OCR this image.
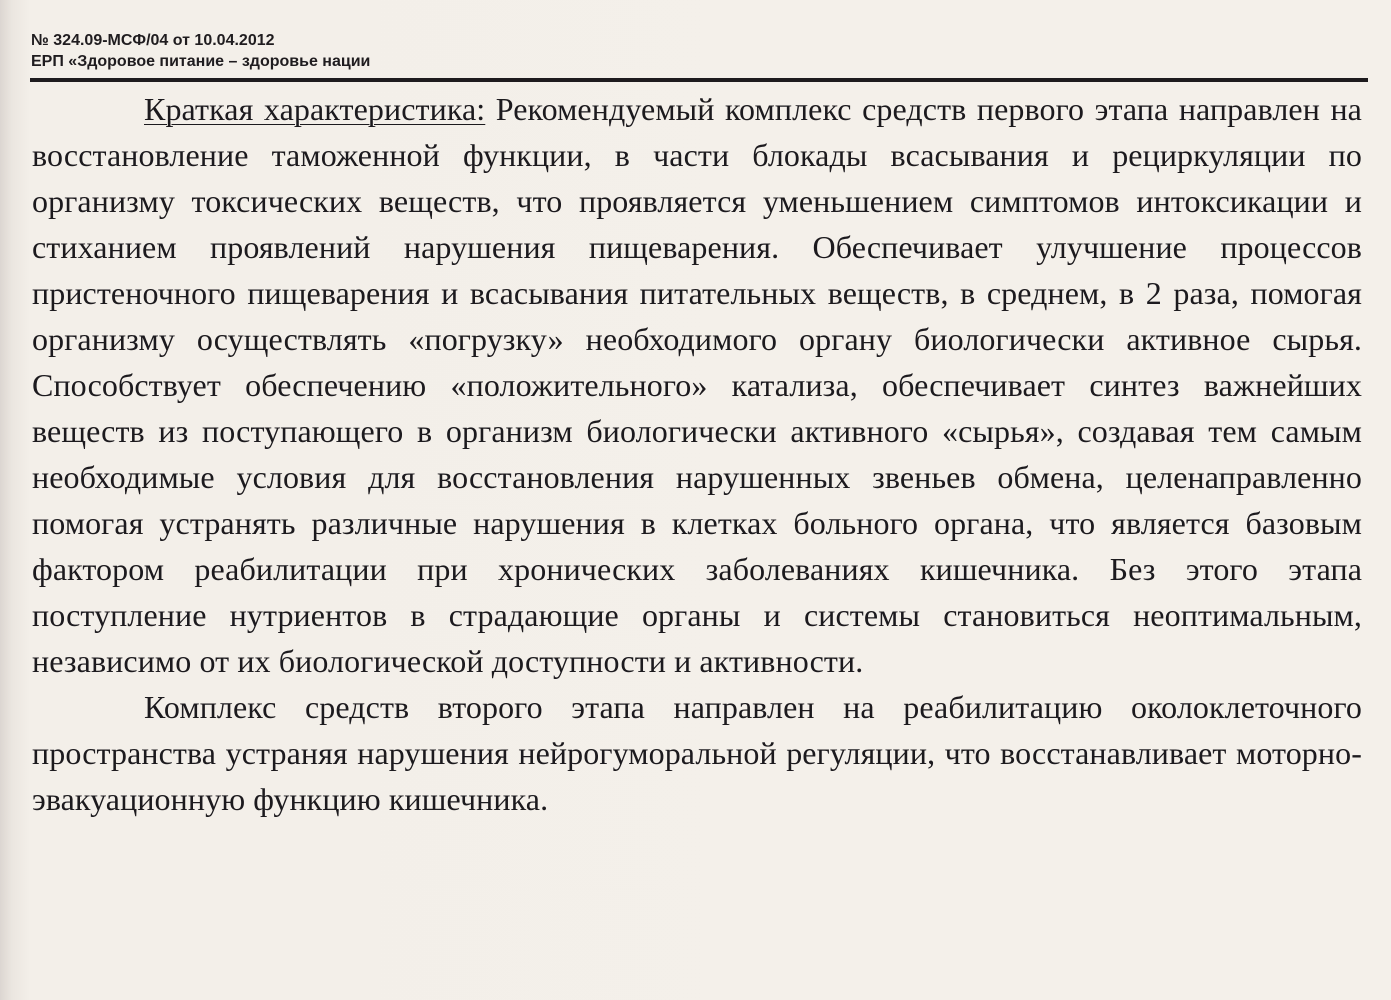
№ 324.09-МСФ/04 от 10.04.2012
ЕРП «Здоровое питание – здоровье нации

Краткая характеристика: Рекомендуемый комплекс средств первого этапа направлен на восстановление таможенной функции, в части блокады всасывания и рециркуляции по организму токсических веществ, что проявляется уменьшением симптомов интоксикации и стиханием проявлений нарушения пищеварения. Обеспечивает улучшение процессов пристеночного пищеварения и всасывания питательных веществ, в среднем, в 2 раза, помогая организму осуществлять «погрузку» необходимого органу биологически активное сырья. Способствует обеспечению «положительного» катализа, обеспечивает синтез важнейших веществ из поступающего в организм биологически активного «сырья», создавая тем самым необходимые условия для восстановления нарушенных звеньев обмена, целенаправленно помогая устранять различные нарушения в клетках больного органа, что является базовым фактором реабилитации при хронических заболеваниях кишечника. Без этого этапа поступление нутриентов в страдающие органы и системы становиться неоптимальным, независимо от их биологической доступности и активности.

Комплекс средств второго этапа направлен на реабилитацию околоклеточного пространства устраняя нарушения нейрогуморальной регуляции, что восстанавливает моторно-эвакуационную функцию кишечника.
